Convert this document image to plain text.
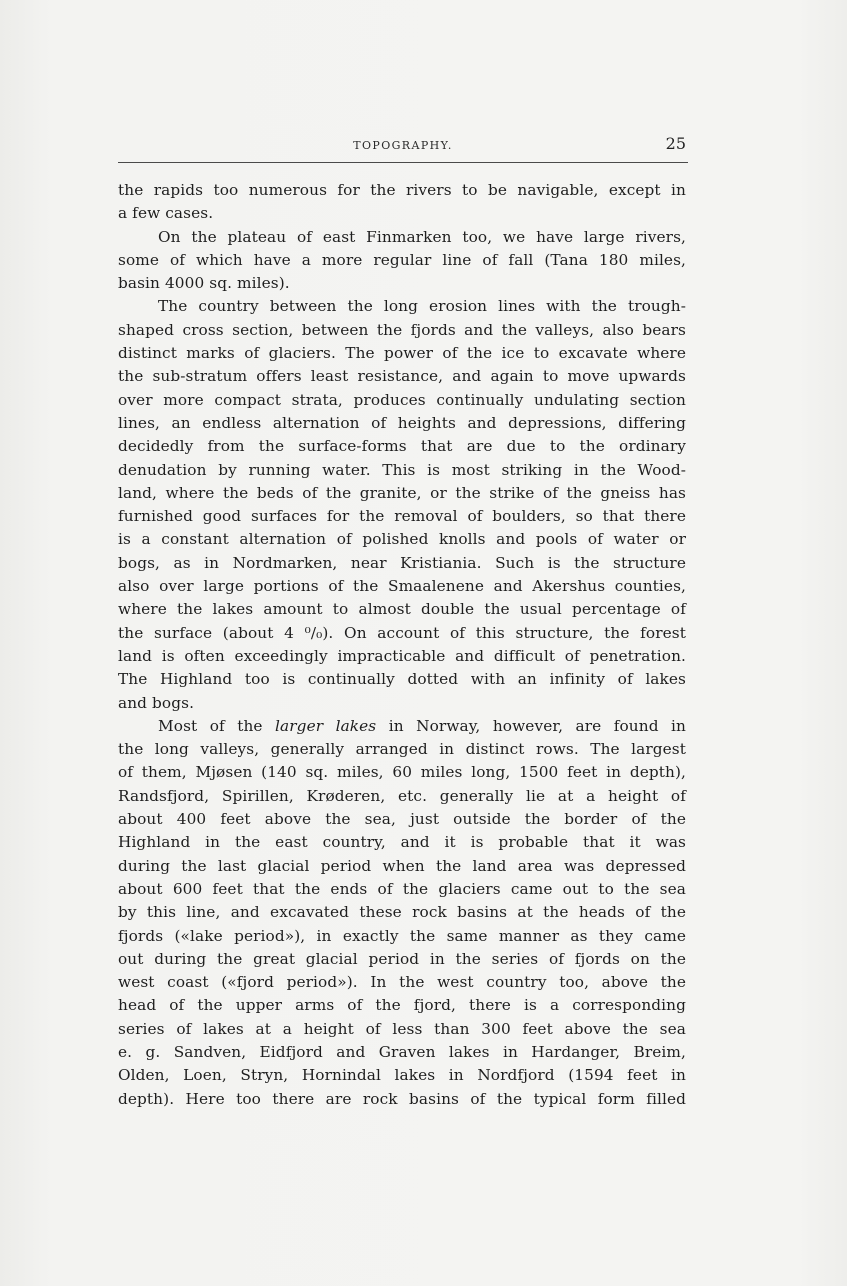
TOPOGRAPHY.	25
the rapids too numerous for the rivers to be navigable, except in
a few cases.
On the plateau of east Finmarken too, we have large rivers,
some of which have a more regular line of fall (Tana 180 miles,
basin 4000 sq. miles).
The country between the long erosion lines with the trough-
shaped cross section, between the fjords and the valleys, also bears
distinct marks of glaciers. The power of the ice to excavate where
the sub-stratum offers least resistance, and again to move upwards
over more compact strata, produces continually undulating section
lines, an endless alternation of heights and depressions, differing
decidedly from the surface-forms that are due to the ordinary
denudation by running water. This is most striking in the Wood-
land, where the beds of the granite, or the strike of the gneiss has
furnished good surfaces for the removal of boulders, so that there
is a constant alternation of polished knolls and pools of water or
bogs, as in Nordmarken, near Kristiania. Such is the structure
also over large portions of the Smaalenene and Akershus counties,
where the lakes amount to almost double the usual percentage of
the surface (about 4 ⁰/₀). On account of this structure, the forest
land is often exceedingly impracticable and difficult of penetration.
The Highland too is continually dotted with an infinity of lakes
and bogs.
Most of the larger lakes in Norway, however, are found in
the long valleys, generally arranged in distinct rows. The largest
of them, Mjøsen (140 sq. miles, 60 miles long, 1500 feet in depth),
Randsfjord, Spirillen, Krøderen, etc. generally lie at a height of
about 400 feet above the sea, just outside the border of the
Highland in the east country, and it is probable that it was
during the last glacial period when the land area was depressed
about 600 feet that the ends of the glaciers came out to the sea
by this line, and excavated these rock basins at the heads of the
fjords («lake period»), in exactly the same manner as they came
out during the great glacial period in the series of fjords on the
west coast («fjord period»). In the west country too, above the
head of the upper arms of the fjord, there is a corresponding
series of lakes at a height of less than 300 feet above the sea
e. g. Sandven, Eidfjord and Graven lakes in Hardanger, Breim,
Olden, Loen, Stryn, Hornindal lakes in Nordfjord (1594 feet in
depth). Here too there are rock basins of the typical form filled
